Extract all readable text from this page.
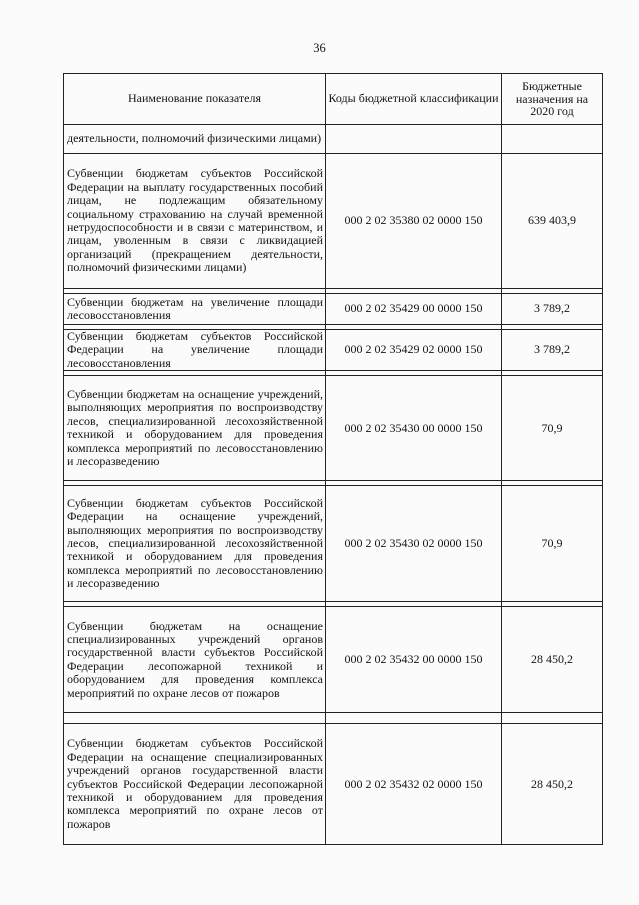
36
Наименование показателя	Коды бюджетной классификации	Бюджетные назначения на 2020 год
деятельности, полномочий физическими лицами)		
Субвенции бюджетам субъектов Российской Федерации на выплату государственных пособий лицам, не подлежащим обязательному социальному страхованию на случай временной нетрудоспособности и в связи с материнством, и лицам, уволенным в связи с ликвидацией организаций (прекращением деятельности, полномочий физическими лицами)	000 2 02 35380 02 0000 150	639 403,9

Субвенции бюджетам на увеличение площади лесовосстановления	000 2 02 35429 00 0000 150	3 789,2

Субвенции бюджетам субъектов Российской Федерации на увеличение площади лесовосстановления	000 2 02 35429 02 0000 150	3 789,2

Субвенции бюджетам на оснащение учреждений, выполняющих мероприятия по воспроизводству лесов, специализированной лесохозяйственной техникой и оборудованием для проведения комплекса мероприятий по лесовосстановлению и лесоразведению	000 2 02 35430 00 0000 150	70,9

Субвенции бюджетам субъектов Российской Федерации на оснащение учреждений, выполняющих мероприятия по воспроизводству лесов, специализированной лесохозяйственной техникой и оборудованием для проведения комплекса мероприятий по лесовосстановлению и лесоразведению	000 2 02 35430 02 0000 150	70,9

Субвенции бюджетам на оснащение специализированных учреждений органов государственной власти субъектов Российской Федерации лесопожарной техникой и оборудованием для проведения комплекса мероприятий по охране лесов от пожаров	000 2 02 35432 00 0000 150	28 450,2

Субвенции бюджетам субъектов Российской Федерации на оснащение специализированных учреждений органов государственной власти субъектов Российской Федерации лесопожарной техникой и оборудованием для проведения комплекса мероприятий по охране лесов от пожаров	000 2 02 35432 02 0000 150	28 450,2
